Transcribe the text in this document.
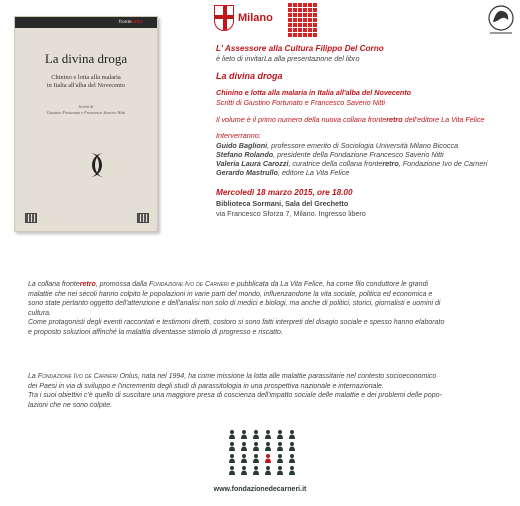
fronteretro
La divina droga
Chinino e lotta alla malaria
in Italia all'alba del Novecento
Scritti di
Giustino Fortunato e Francesco Saverio Nitti
Milano
L' Assessore alla Cultura Filippo Del Corno
è lieto di invitarLa alla presentazione del libro
La divina droga
Chinino e lotta alla malaria in Italia all'alba del Novecento
Scritti di Giustino Fortunato e Francesco Saverio Nitti
Il volume è il primo numero della nuova collana fronteretro dell'editore La Vita Felice
Interverranno:
Guido Baglioni, professore emerito di Sociologia Università Milano Bicocca
Stefano Rolando, presidente della Fondazione Francesco Saverio Nitti
Valeria Laura Carozzi, curatrice della collana fronteretro, Fondazione Ivo de Carneri
Gerardo Mastrullo, editore La Vita Felice
Mercoledì 18 marzo 2015, ore 18.00
Biblioteca Sormani, Sala del Grechetto
via Francesco Sforza 7, Milano. Ingresso libero

La collana fronteretro, promossa dalla Fondazione Ivo de Carneri e pubblicata da La Vita Felice, ha come filo conduttore le grandi

malattie che nei secoli hanno colpito le popolazioni in varie parti del mondo, influenzandone la vita sociale, politica ed economica e

sono state pertanto oggetto dell'attenzione e dell'analisi non solo di medici e biologi, ma anche di politici, storici, giornalisti e uomini di

cultura.

Come protagonisti degli eventi raccontati e testimoni diretti, costoro si sono fatti interpreti del disagio sociale e spesso hanno elaborato

e proposto soluzioni affinché la malattia diventasse stimolo di progresso e riscatto.

La Fondazione Ivo de Carneri Onlus, nata nel 1994, ha come missione la lotta alle malattie parassitarie nel contesto socioeconomico

dei Paesi in via di sviluppo e l'incremento degli studi di parassitologia in una prospettiva nazionale e internazionale.

Tra i suoi obiettivi c'è quello di suscitare una maggiore presa di coscienza dell'impatto sociale delle malattie e dei problemi delle popo-

lazioni che ne sono colpite.

www.fondazionedecarneri.it
